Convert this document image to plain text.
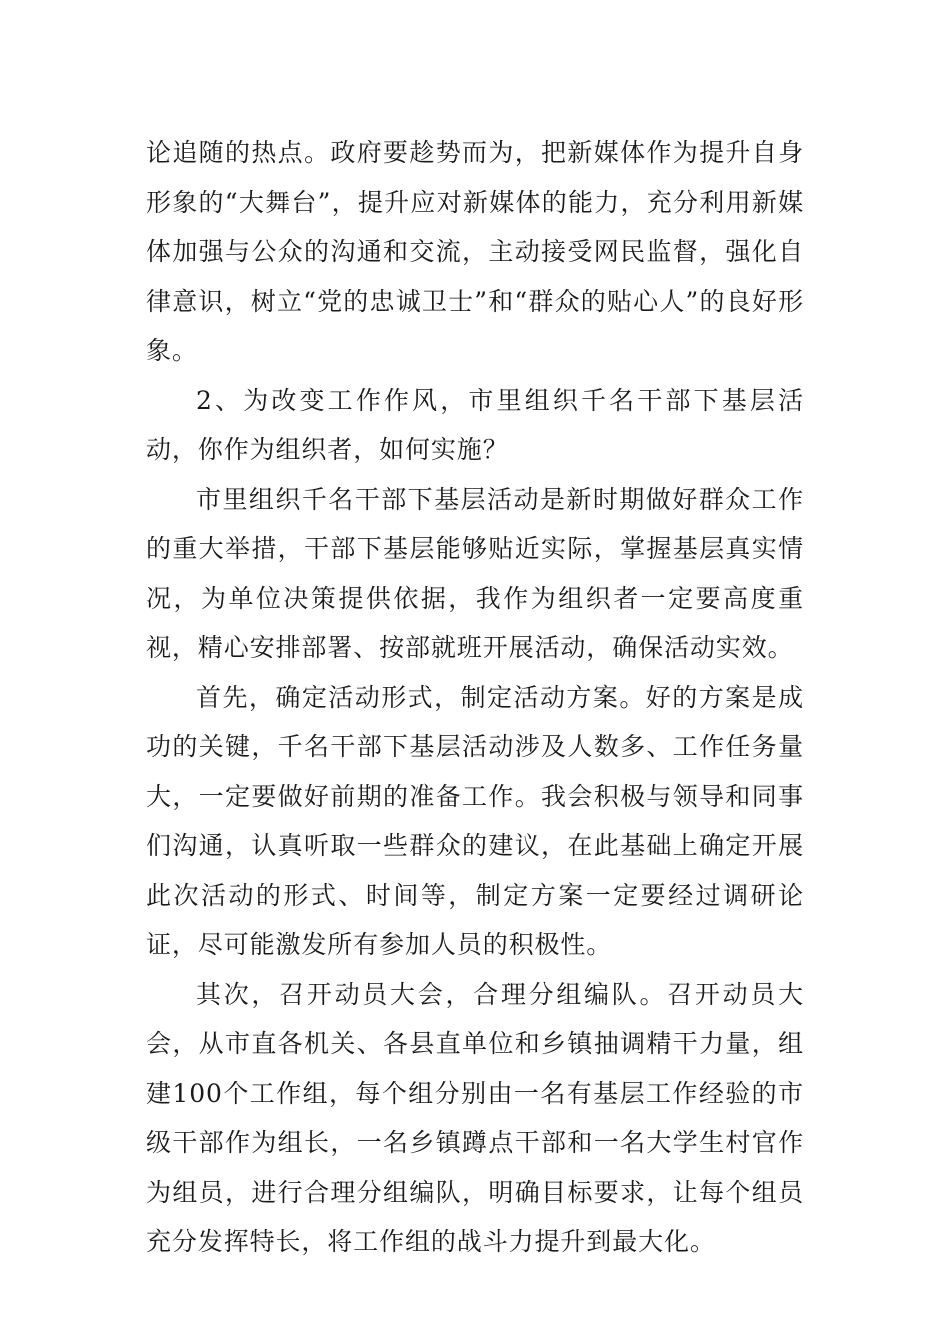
论追随的热点。政府要趁势而为，把新媒体作为提升自身形象的“大舞台”，提升应对新媒体的能力，充分利用新媒体加强与公众的沟通和交流，主动接受网民监督，强化自律意识，树立“党的忠诚卫士”和“群众的贴心人”的良好形象。

2、为改变工作作风，市里组织千名干部下基层活动，你作为组织者，如何实施？

市里组织千名干部下基层活动是新时期做好群众工作的重大举措，干部下基层能够贴近实际，掌握基层真实情况，为单位决策提供依据，我作为组织者一定要高度重视，精心安排部署、按部就班开展活动，确保活动实效。

首先，确定活动形式，制定活动方案。好的方案是成功的关键，千名干部下基层活动涉及人数多、工作任务量大，一定要做好前期的准备工作。我会积极与领导和同事们沟通，认真听取一些群众的建议，在此基础上确定开展此次活动的形式、时间等，制定方案一定要经过调研论证，尽可能激发所有参加人员的积极性。

其次，召开动员大会，合理分组编队。召开动员大会，从市直各机关、各县直单位和乡镇抽调精干力量，组建100个工作组，每个组分别由一名有基层工作经验的市级干部作为组长，一名乡镇蹲点干部和一名大学生村官作为组员，进行合理分组编队，明确目标要求，让每个组员充分发挥特长，将工作组的战斗力提升到最大化。
